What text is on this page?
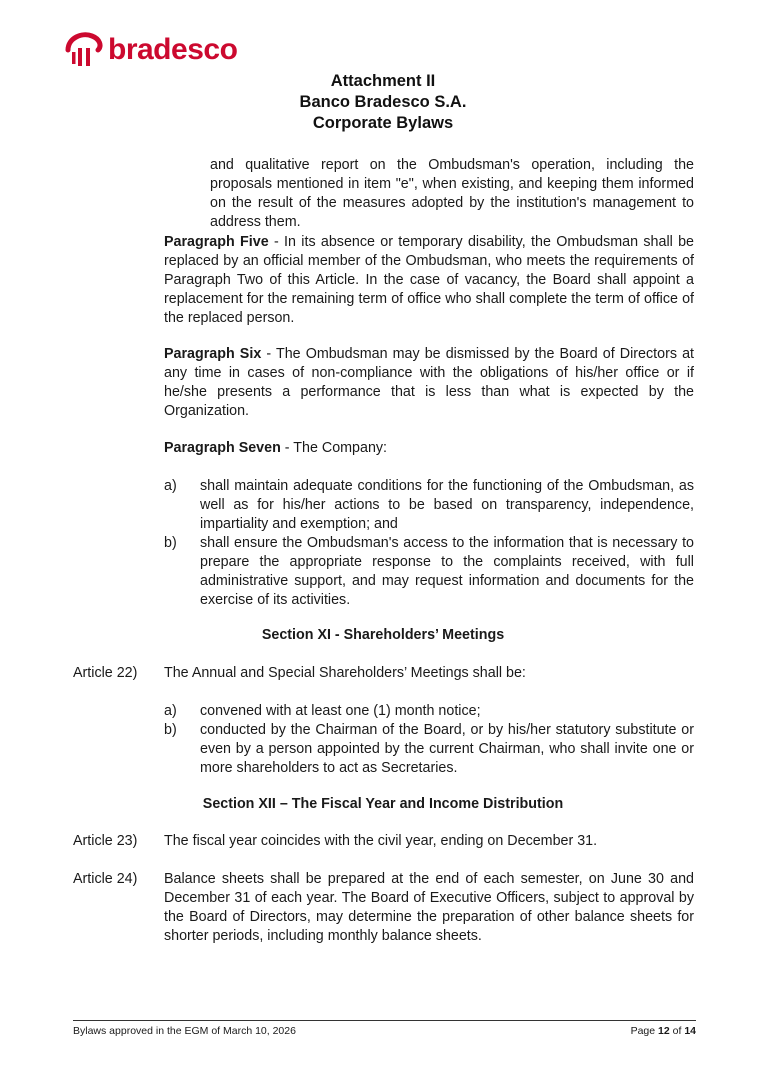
bradesco
Attachment II
Banco Bradesco S.A.
Corporate Bylaws
and qualitative report on the Ombudsman's operation, including the proposals mentioned in item "e", when existing, and keeping them informed on the result of the measures adopted by the institution's management to address them.
Paragraph Five - In its absence or temporary disability, the Ombudsman shall be replaced by an official member of the Ombudsman, who meets the requirements of Paragraph Two of this Article. In the case of vacancy, the Board shall appoint a replacement for the remaining term of office who shall complete the term of office of the replaced person.
Paragraph Six - The Ombudsman may be dismissed by the Board of Directors at any time in cases of non-compliance with the obligations of his/her office or if he/she presents a performance that is less than what is expected by the Organization.
Paragraph Seven - The Company:
a) shall maintain adequate conditions for the functioning of the Ombudsman, as well as for his/her actions to be based on transparency, independence, impartiality and exemption; and
b) shall ensure the Ombudsman's access to the information that is necessary to prepare the appropriate response to the complaints received, with full administrative support, and may request information and documents for the exercise of its activities.
Section XI - Shareholders’ Meetings
Article 22) The Annual and Special Shareholders’ Meetings shall be:
a) convened with at least one (1) month notice;
b) conducted by the Chairman of the Board, or by his/her statutory substitute or even by a person appointed by the current Chairman, who shall invite one or more shareholders to act as Secretaries.
Section XII – The Fiscal Year and Income Distribution
Article 23) The fiscal year coincides with the civil year, ending on December 31.
Article 24) Balance sheets shall be prepared at the end of each semester, on June 30 and December 31 of each year. The Board of Executive Officers, subject to approval by the Board of Directors, may determine the preparation of other balance sheets for shorter periods, including monthly balance sheets.
Bylaws approved in the EGM of March 10, 2026	Page 12 of 14
